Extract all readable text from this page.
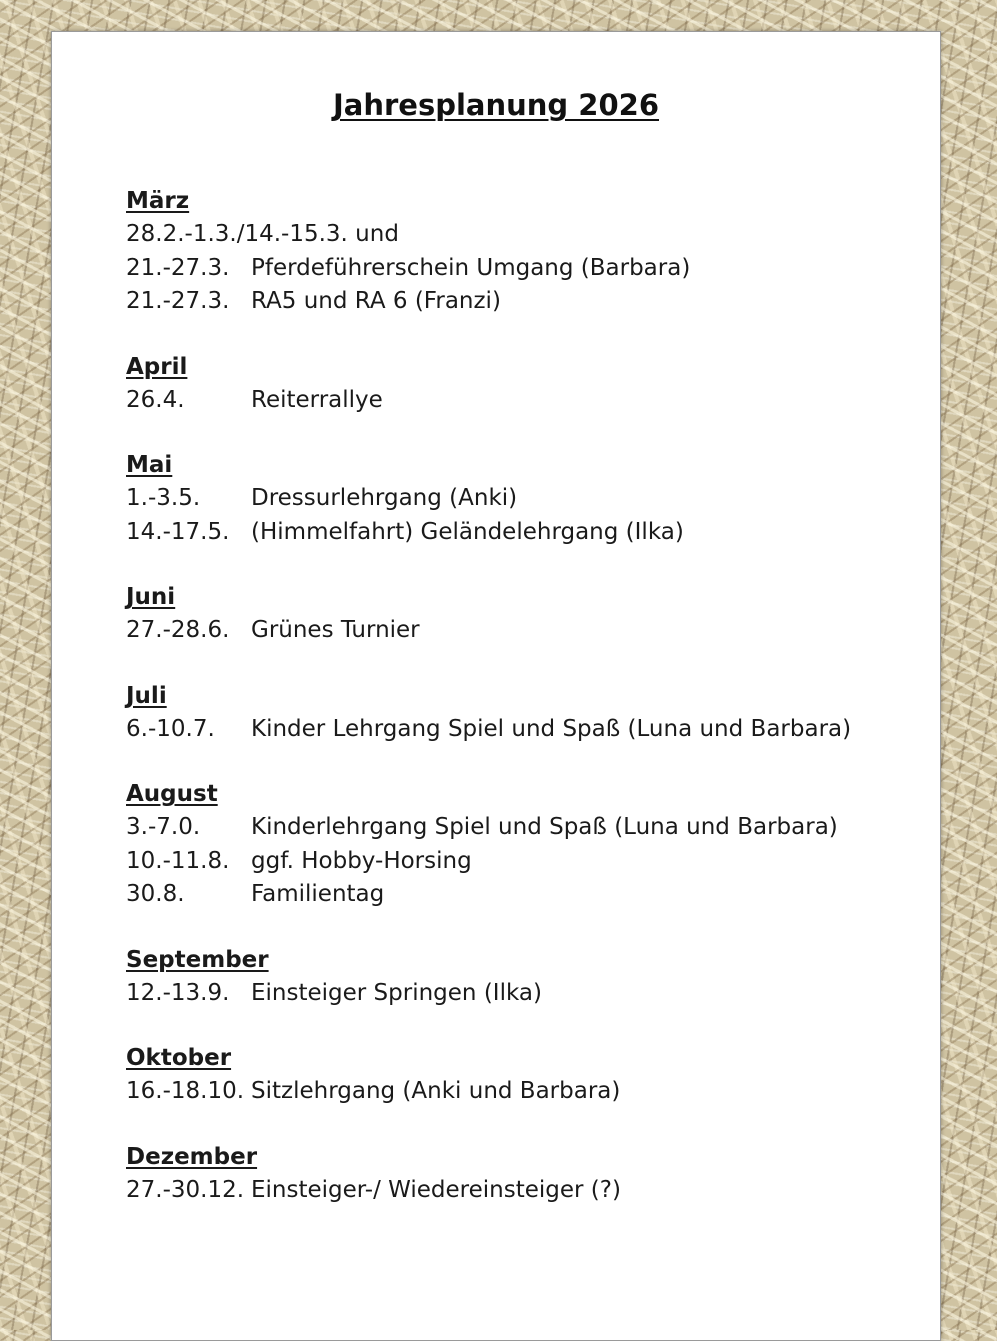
Jahresplanung 2026
März
28.2.-1.3./14.-15.3. und
21.-27.3. Pferdeführerschein Umgang (Barbara)
21.-27.3. RA5 und RA 6 (Franzi)
April
26.4.	Reiterrallye
Mai
1.-3.5.	Dressurlehrgang (Anki)
14.-17.5. (Himmelfahrt) Geländelehrgang (Ilka)
Juni
27.-28.6. Grünes Turnier
Juli
6.-10.7.	Kinder Lehrgang Spiel und Spaß (Luna und Barbara)
August
3.-7.0.	Kinderlehrgang Spiel und Spaß (Luna und Barbara)
10.-11.8. ggf. Hobby-Horsing
30.8.	Familientag
September
12.-13.9. Einsteiger Springen (Ilka)
Oktober
16.-18.10. Sitzlehrgang (Anki und Barbara)
Dezember
27.-30.12. Einsteiger-/ Wiedereinsteiger (?)
